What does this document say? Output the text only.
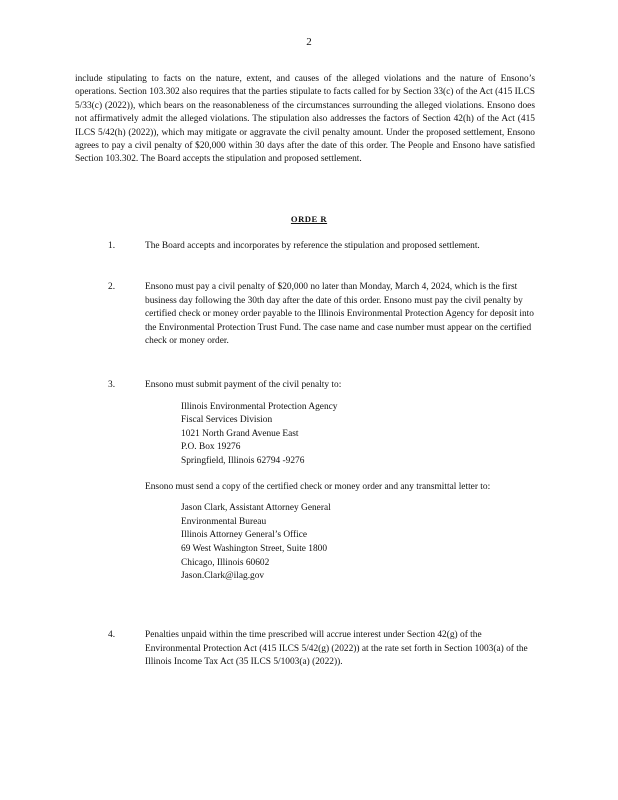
2
include stipulating to facts on the nature, extent, and causes of the alleged violations and the nature of Ensono’s operations. Section 103.302 also requires that the parties stipulate to facts called for by Section 33(c) of the Act (415 ILCS 5/33(c) (2022)), which bears on the reasonableness of the circumstances surrounding the alleged violations. Ensono does not affirmatively admit the alleged violations. The stipulation also addresses the factors of Section 42(h) of the Act (415 ILCS 5/42(h) (2022)), which may mitigate or aggravate the civil penalty amount. Under the proposed settlement, Ensono agrees to pay a civil penalty of $20,000 within 30 days after the date of this order. The People and Ensono have satisfied Section 103.302. The Board accepts the stipulation and proposed settlement.
ORDE R
1.	The Board accepts and incorporates by reference the stipulation and proposed settlement.
2.	Ensono must pay a civil penalty of $20,000 no later than Monday, March 4, 2024, which is the first business day following the 30th day after the date of this order. Ensono must pay the civil penalty by certified check or money order payable to the Illinois Environmental Protection Agency for deposit into the Environmental Protection Trust Fund. The case name and case number must appear on the certified check or money order.
3.	Ensono must submit payment of the civil penalty to:
Illinois Environmental Protection Agency
Fiscal Services Division
1021 North Grand Avenue East
P.O. Box 19276
Springfield, Illinois 62794 -9276
Ensono must send a copy of the certified check or money order and any transmittal letter to:
Jason Clark, Assistant Attorney General
Environmental Bureau
Illinois Attorney General’s Office
69 West Washington Street, Suite 1800
Chicago, Illinois 60602
Jason.Clark@ilag.gov
4.	Penalties unpaid within the time prescribed will accrue interest under Section 42(g) of the Environmental Protection Act (415 ILCS 5/42(g) (2022)) at the rate set forth in Section 1003(a) of the Illinois Income Tax Act (35 ILCS 5/1003(a) (2022)).
